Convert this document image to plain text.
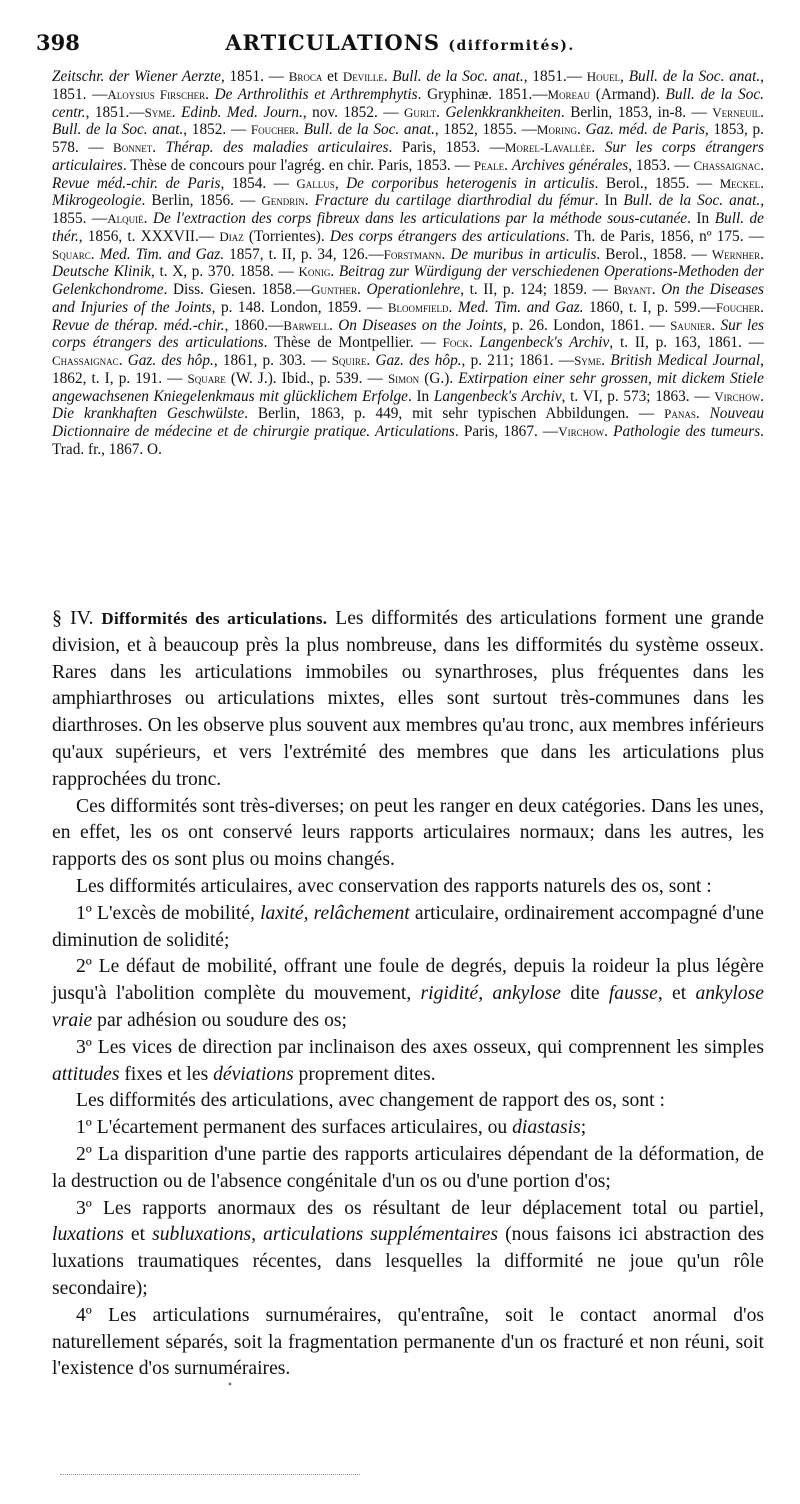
398	ARTICULATIONS (difformités).
Zeitschr. der Wiener Aerzte, 1851. — Broca et Deville. Bull. de la Soc. anat., 1851.— Houel, Bull. de la Soc. anat., 1851. —Aloysius Firscher. De Arthrolithis et Arthremphytis. Gryphinæ. 1851.—Moreau (Armand). Bull. de la Soc. centr., 1851.—Syme. Edinb. Med. Journ., nov. 1852. — Gurlt. Gelenkkrankheiten. Berlin, 1853, in-8. — Verneuil. Bull. de la Soc. anat., 1852. — Foucher. Bull. de la Soc. anat., 1852, 1855. —Moring. Gaz. méd. de Paris, 1853, p. 578. — Bonnet. Thérap. des maladies articulaires. Paris, 1853. —Morel-Lavallée. Sur les corps étrangers articulaires. Thèse de concours pour l'agrég. en chir. Paris, 1853. — Peale. Archives générales, 1853. — Chassaignac. Revue méd.-chir. de Paris, 1854. — Gallus, De corporibus heterogenis in articulis. Berol., 1855. — Meckel. Mikrogeologie. Berlin, 1856. — Gendrin. Fracture du cartilage diarthrodial du fémur. In Bull. de la Soc. anat., 1855. —Alquié. De l'extraction des corps fibreux dans les articulations par la méthode sous-cutanée. In Bull. de thér., 1856, t. XXXVII.— Diaz (Torrientes). Des corps étrangers des articulations. Th. de Paris, 1856, nº 175. — Squarc. Med. Tim. and Gaz. 1857, t. II, p. 34, 126.—Forstmann. De muribus in articulis. Berol., 1858. — Wernher. Deutsche Klinik, t. X, p. 370. 1858. — Konig. Beitrag zur Würdigung der verschiedenen Operations-Methoden der Gelenkchondrome. Diss. Giesen. 1858.—Gunther. Operationlehre, t. II, p. 124; 1859. — Bryant. On the Diseases and Injuries of the Joints, p. 148. London, 1859. — Bloomfield. Med. Tim. and Gaz. 1860, t. I, p. 599.—Foucher. Revue de thérap. méd.-chir., 1860.—Barwell. On Diseases on the Joints, p. 26. London, 1861. — Saunier. Sur les corps étrangers des articulations. Thèse de Montpellier. — Fock. Langenbeck's Archiv, t. II, p. 163, 1861. — Chassaignac. Gaz. des hôp., 1861, p. 303. — Squire. Gaz. des hôp., p. 211; 1861. —Syme. British Medical Journal, 1862, t. I, p. 191. — Square (W. J.). Ibid., p. 539. — Simon (G.). Extirpation einer sehr grossen, mit dickem Stiele angewachsenen Kniegelenkmaus mit glücklichem Erfolge. In Langenbeck's Archiv, t. VI, p. 573; 1863. — Virchow. Die krankhaften Geschwülste. Berlin, 1863, p. 449, mit sehr typischen Abbildungen. — Panas. Nouveau Dictionnaire de médecine et de chirurgie pratique. Articulations. Paris, 1867. —Virchow. Pathologie des tumeurs. Trad. fr., 1867. O.

§ IV. Difformités des articulations. Les difformités des articulations forment une grande division, et à beaucoup près la plus nombreuse, dans les difformités du système osseux. Rares dans les articulations immobiles ou synarthroses, plus fréquentes dans les amphiarthroses ou articulations mixtes, elles sont surtout très-communes dans les diarthroses. On les observe plus souvent aux membres qu'au tronc, aux membres inférieurs qu'aux supérieurs, et vers l'extrémité des membres que dans les articulations plus rapprochées du tronc.

Ces difformités sont très-diverses; on peut les ranger en deux catégories. Dans les unes, en effet, les os ont conservé leurs rapports articulaires normaux; dans les autres, les rapports des os sont plus ou moins changés.

Les difformités articulaires, avec conservation des rapports naturels des os, sont :

1º L'excès de mobilité, laxité, relâchement articulaire, ordinairement accompagné d'une diminution de solidité;

2º Le défaut de mobilité, offrant une foule de degrés, depuis la roideur la plus légère jusqu'à l'abolition complète du mouvement, rigidité, ankylose dite fausse, et ankylose vraie par adhésion ou soudure des os;

3º Les vices de direction par inclinaison des axes osseux, qui comprennent les simples attitudes fixes et les déviations proprement dites.

Les difformités des articulations, avec changement de rapport des os, sont :

1º L'écartement permanent des surfaces articulaires, ou diastasis;

2º La disparition d'une partie des rapports articulaires dépendant de la déformation, de la destruction ou de l'absence congénitale d'un os ou d'une portion d'os;

3º Les rapports anormaux des os résultant de leur déplacement total ou partiel, luxations et subluxations, articulations supplémentaires (nous faisons ici abstraction des luxations traumatiques récentes, dans lesquelles la difformité ne joue qu'un rôle secondaire);

4º Les articulations surnuméraires, qu'entraîne, soit le contact anormal d'os naturellement séparés, soit la fragmentation permanente d'un os fracturé et non réuni, soit l'existence d'os surnuméraires.

•
